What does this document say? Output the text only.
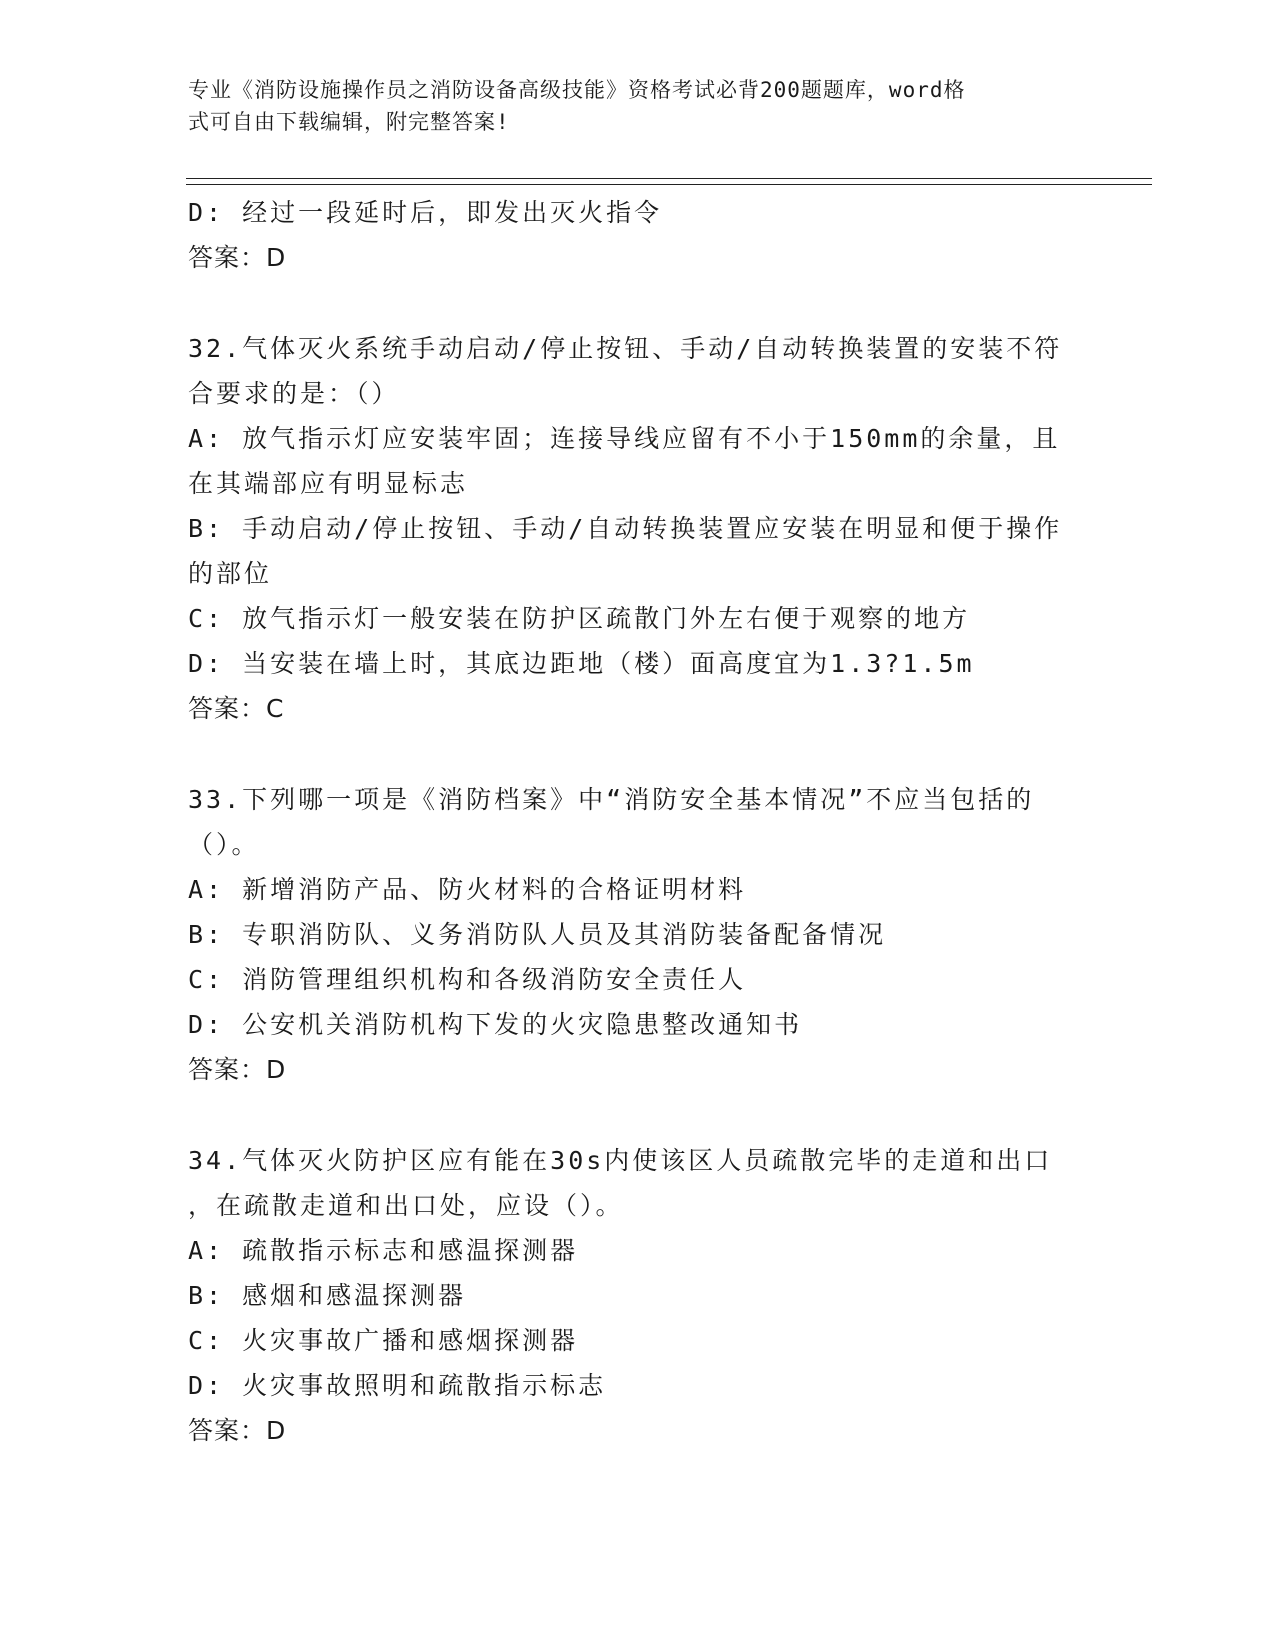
专业《消防设施操作员之消防设备高级技能》资格考试必背200题题库，word格
式可自由下载编辑，附完整答案!
D: 经过一段延时后，即发出灭火指令
答案：D
32.气体灭火系统手动启动/停止按钮、手动/自动转换装置的安装不符
合要求的是：（）
A: 放气指示灯应安装牢固；连接导线应留有不小于150mm的余量，且
在其端部应有明显标志
B: 手动启动/停止按钮、手动/自动转换装置应安装在明显和便于操作
的部位
C: 放气指示灯一般安装在防护区疏散门外左右便于观察的地方
D: 当安装在墙上时，其底边距地（楼）面高度宜为1.3?1.5m
答案：C
33.下列哪一项是《消防档案》中“消防安全基本情况”不应当包括的
（）。
A: 新增消防产品、防火材料的合格证明材料
B: 专职消防队、义务消防队人员及其消防装备配备情况
C: 消防管理组织机构和各级消防安全责任人
D: 公安机关消防机构下发的火灾隐患整改通知书
答案：D
34.气体灭火防护区应有能在30s内使该区人员疏散完毕的走道和出口
，在疏散走道和出口处，应设（）。
A: 疏散指示标志和感温探测器
B: 感烟和感温探测器
C: 火灾事故广播和感烟探测器
D: 火灾事故照明和疏散指示标志
答案：D
